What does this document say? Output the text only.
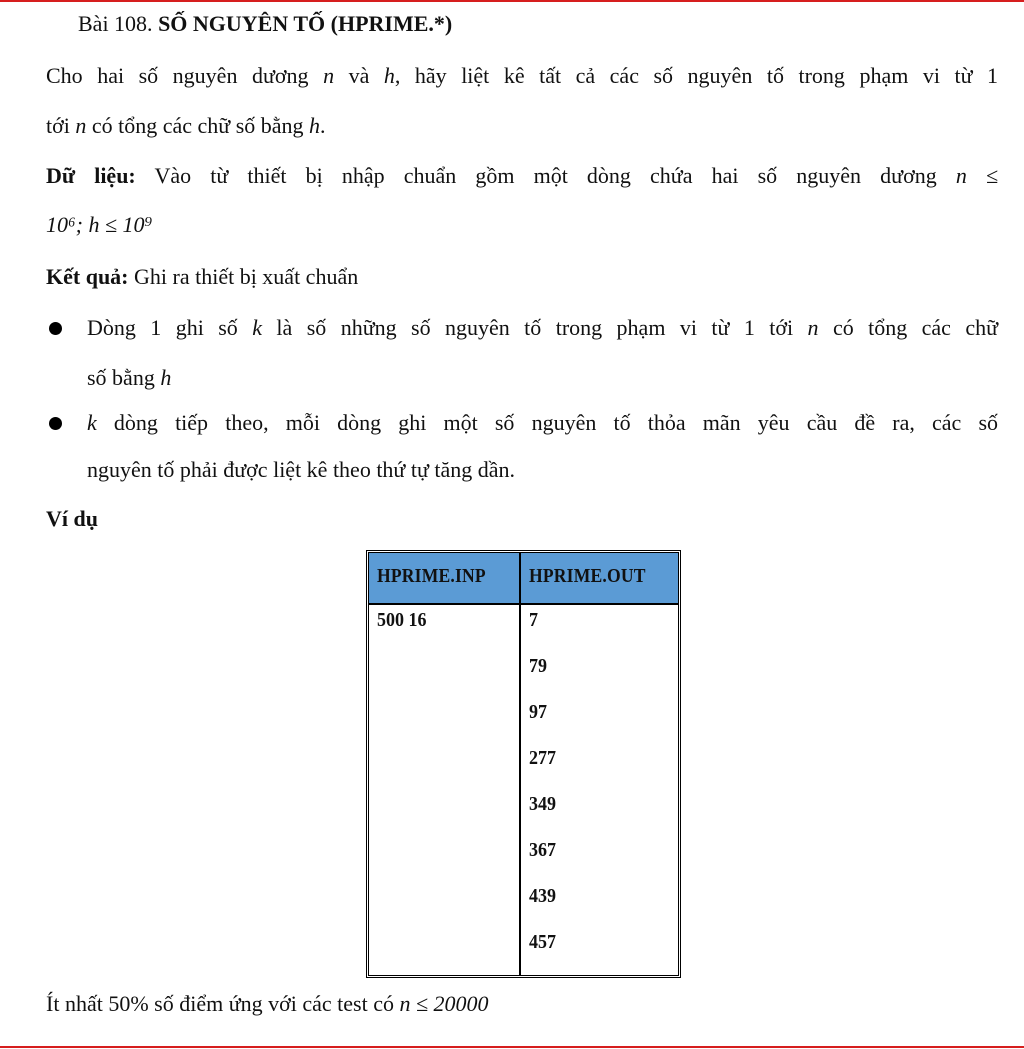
Bài 108. SỐ NGUYÊN TỐ (HPRIME.*)
Cho hai số nguyên dương n và h, hãy liệt kê tất cả các số nguyên tố trong phạm vi từ 1
tới n có tổng các chữ số bằng h.
Dữ liệu: Vào từ thiết bị nhập chuẩn gồm một dòng chứa hai số nguyên dương n ≤
10⁶; h ≤ 10⁹
Kết quả: Ghi ra thiết bị xuất chuẩn
Dòng 1 ghi số k là số những số nguyên tố trong phạm vi từ 1 tới n có tổng các chữ
số bằng h
k dòng tiếp theo, mỗi dòng ghi một số nguyên tố thỏa mãn yêu cầu đề ra, các số
nguyên tố phải được liệt kê theo thứ tự tăng dần.
Ví dụ
HPRIME.INP HPRIME.OUT
500 16	7
79
97
277
349
367
439
457
Ít nhất 50% số điểm ứng với các test có n ≤ 20000
